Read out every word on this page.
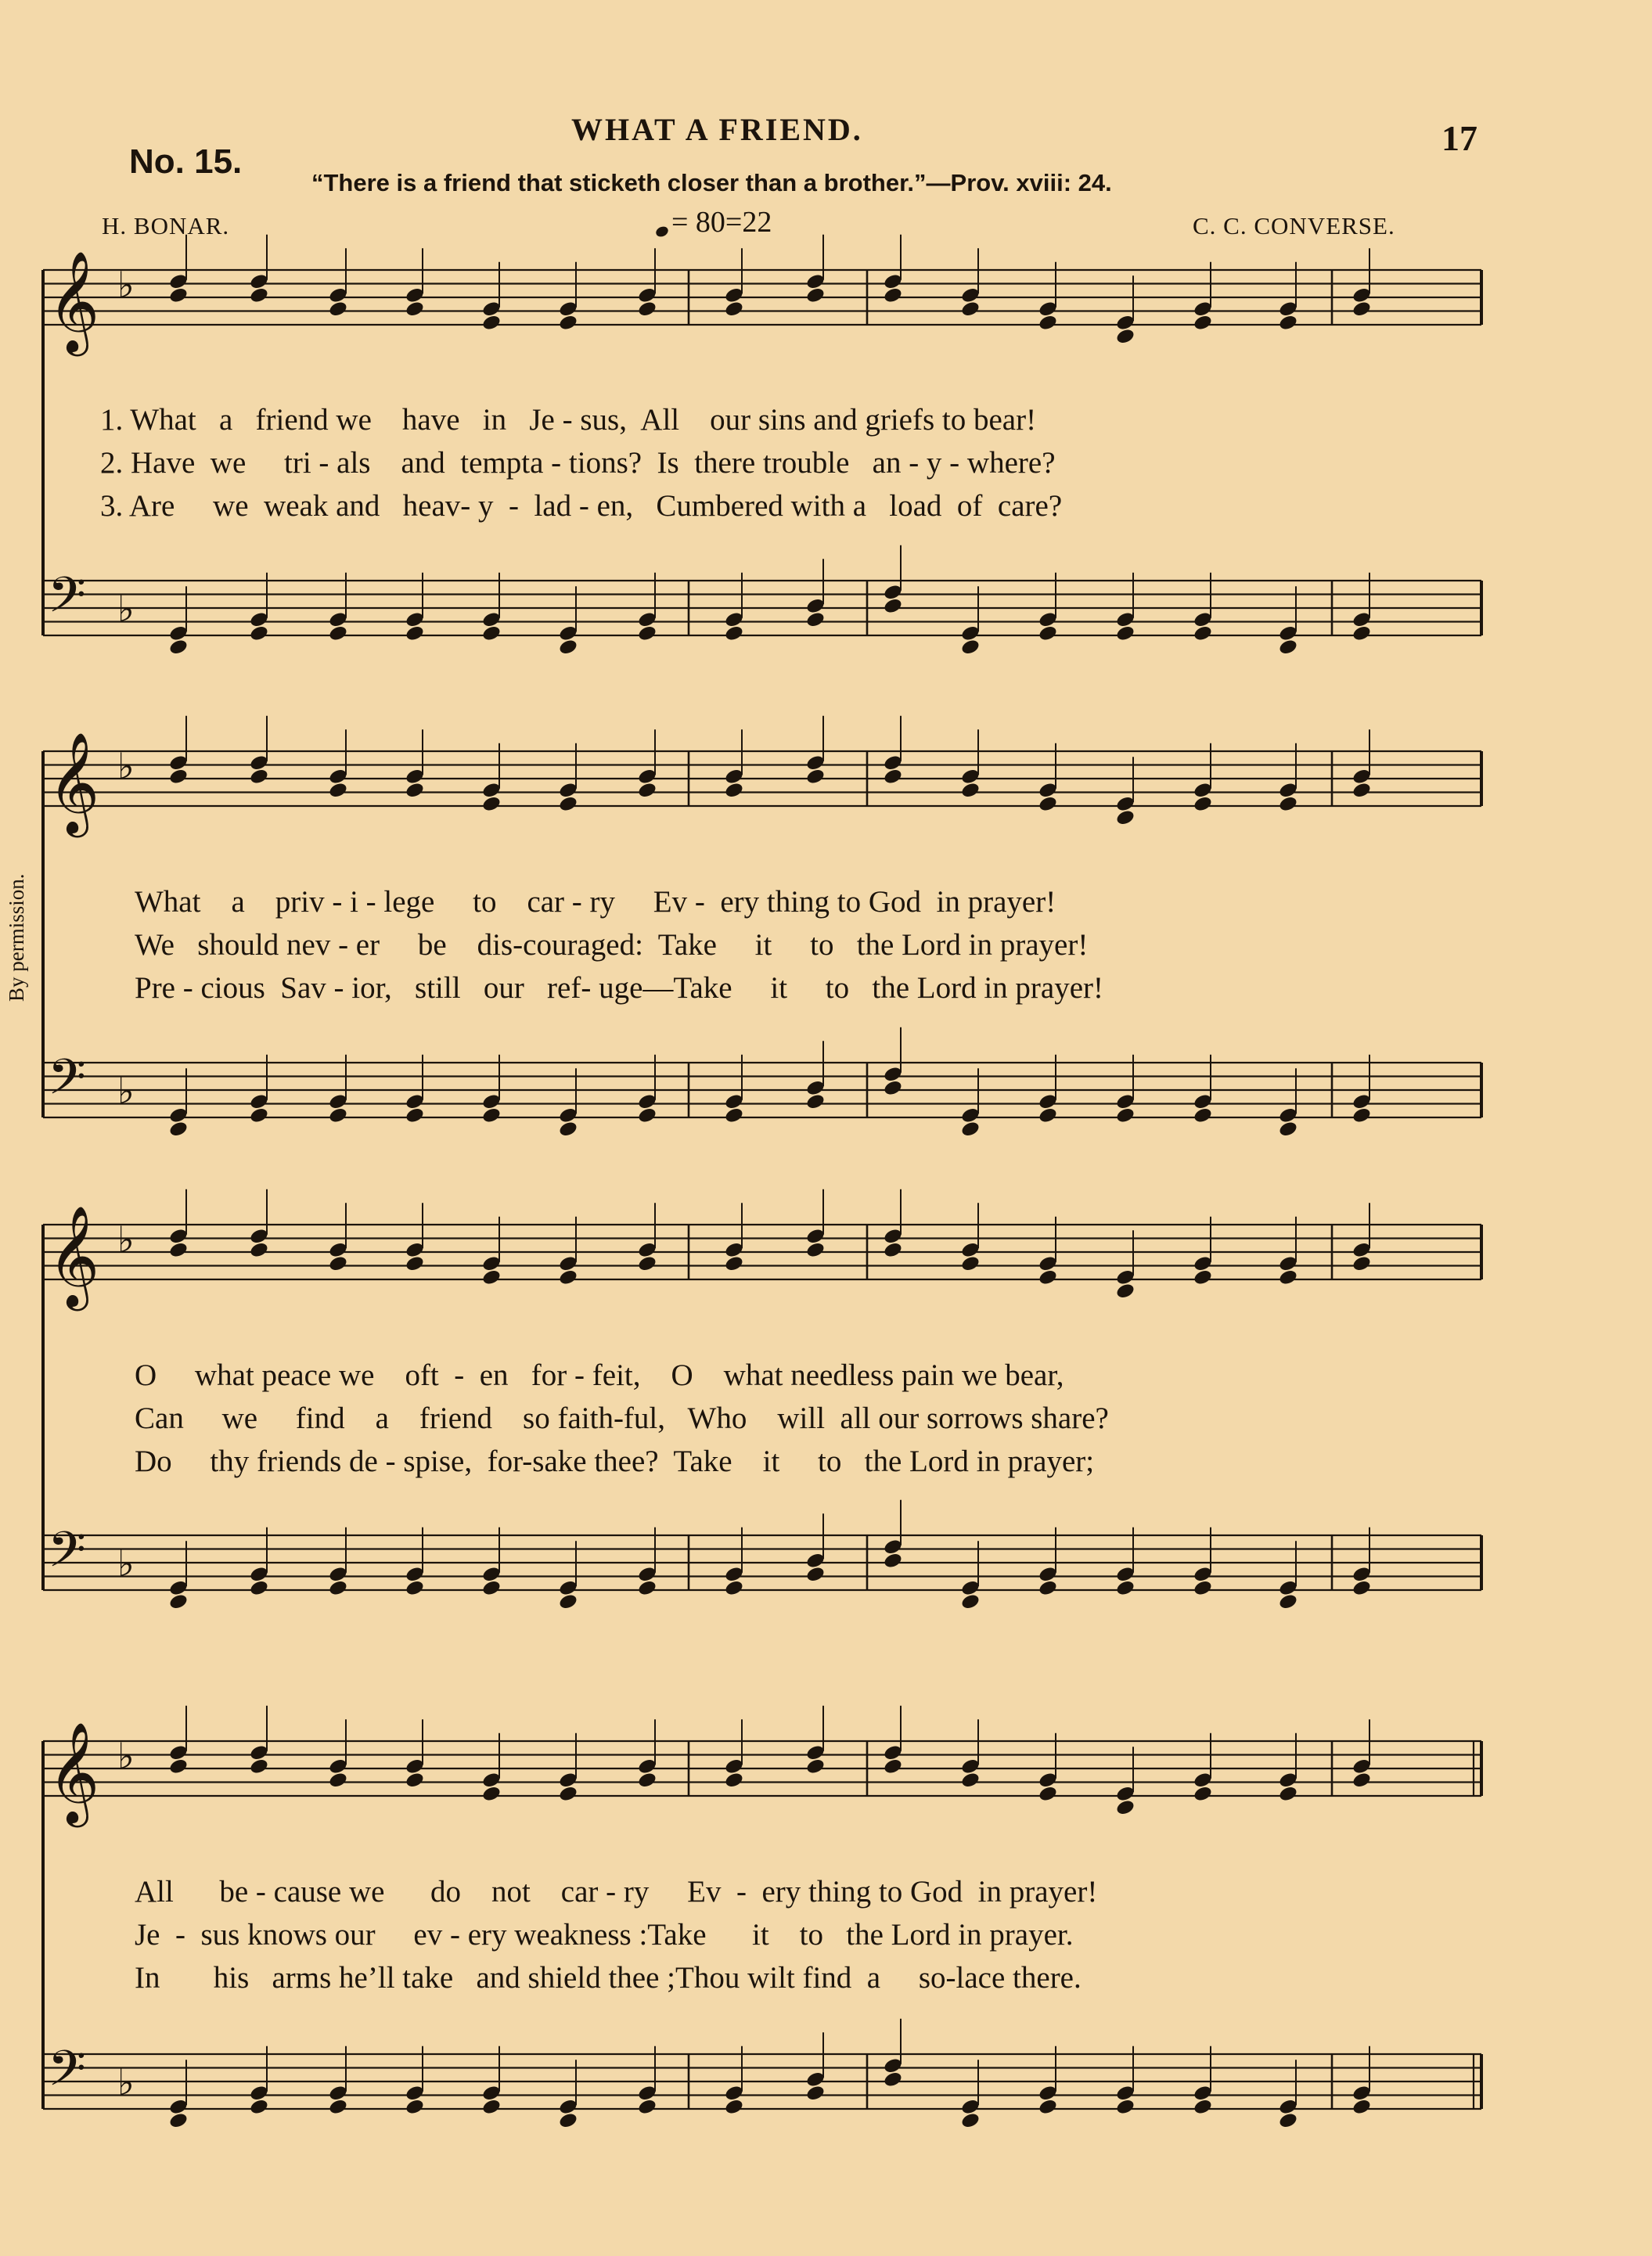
WHAT A FRIEND.	17
No. 15.
“There is a friend that sticketh closer than a brother.”—Prov. xviii: 24.
H. BONAR.	= 80=22	C. C. CONVERSE.
By permission.
𝄞 ♭
𝄢 ♭
𝄞 ♭
𝄢 ♭
𝄞 ♭
𝄢 ♭
𝄞 ♭
𝄢 ♭
1. What   a   friend we    have   in   Je - sus,  All    our sins and griefs to bear!
2. Have  we     tri - als    and  tempta - tions?  Is  there trouble   an - y - where?
3. Are     we  weak and   heav- y  -  lad - en,   Cumbered with a   load  of  care?
What    a    priv - i - lege     to    car - ry     Ev -  ery thing to God  in prayer!
We   should nev - er     be    dis-couraged:  Take     it     to   the Lord in prayer!
Pre - cious  Sav - ior,   still   our   ref- uge—Take     it     to   the Lord in prayer!
O     what peace we    oft  -  en   for - feit,    O    what needless pain we bear,
Can     we     find    a    friend    so faith-ful,   Who    will  all our sorrows share?
Do     thy friends de - spise,  for-sake thee?  Take    it     to   the Lord in prayer;
All      be - cause we      do    not    car - ry     Ev  -  ery thing to God  in prayer!
Je  -  sus knows our     ev - ery weakness :Take      it    to   the Lord in prayer.
In       his   arms he’ll take   and shield thee ;Thou wilt find  a     so-lace there.
